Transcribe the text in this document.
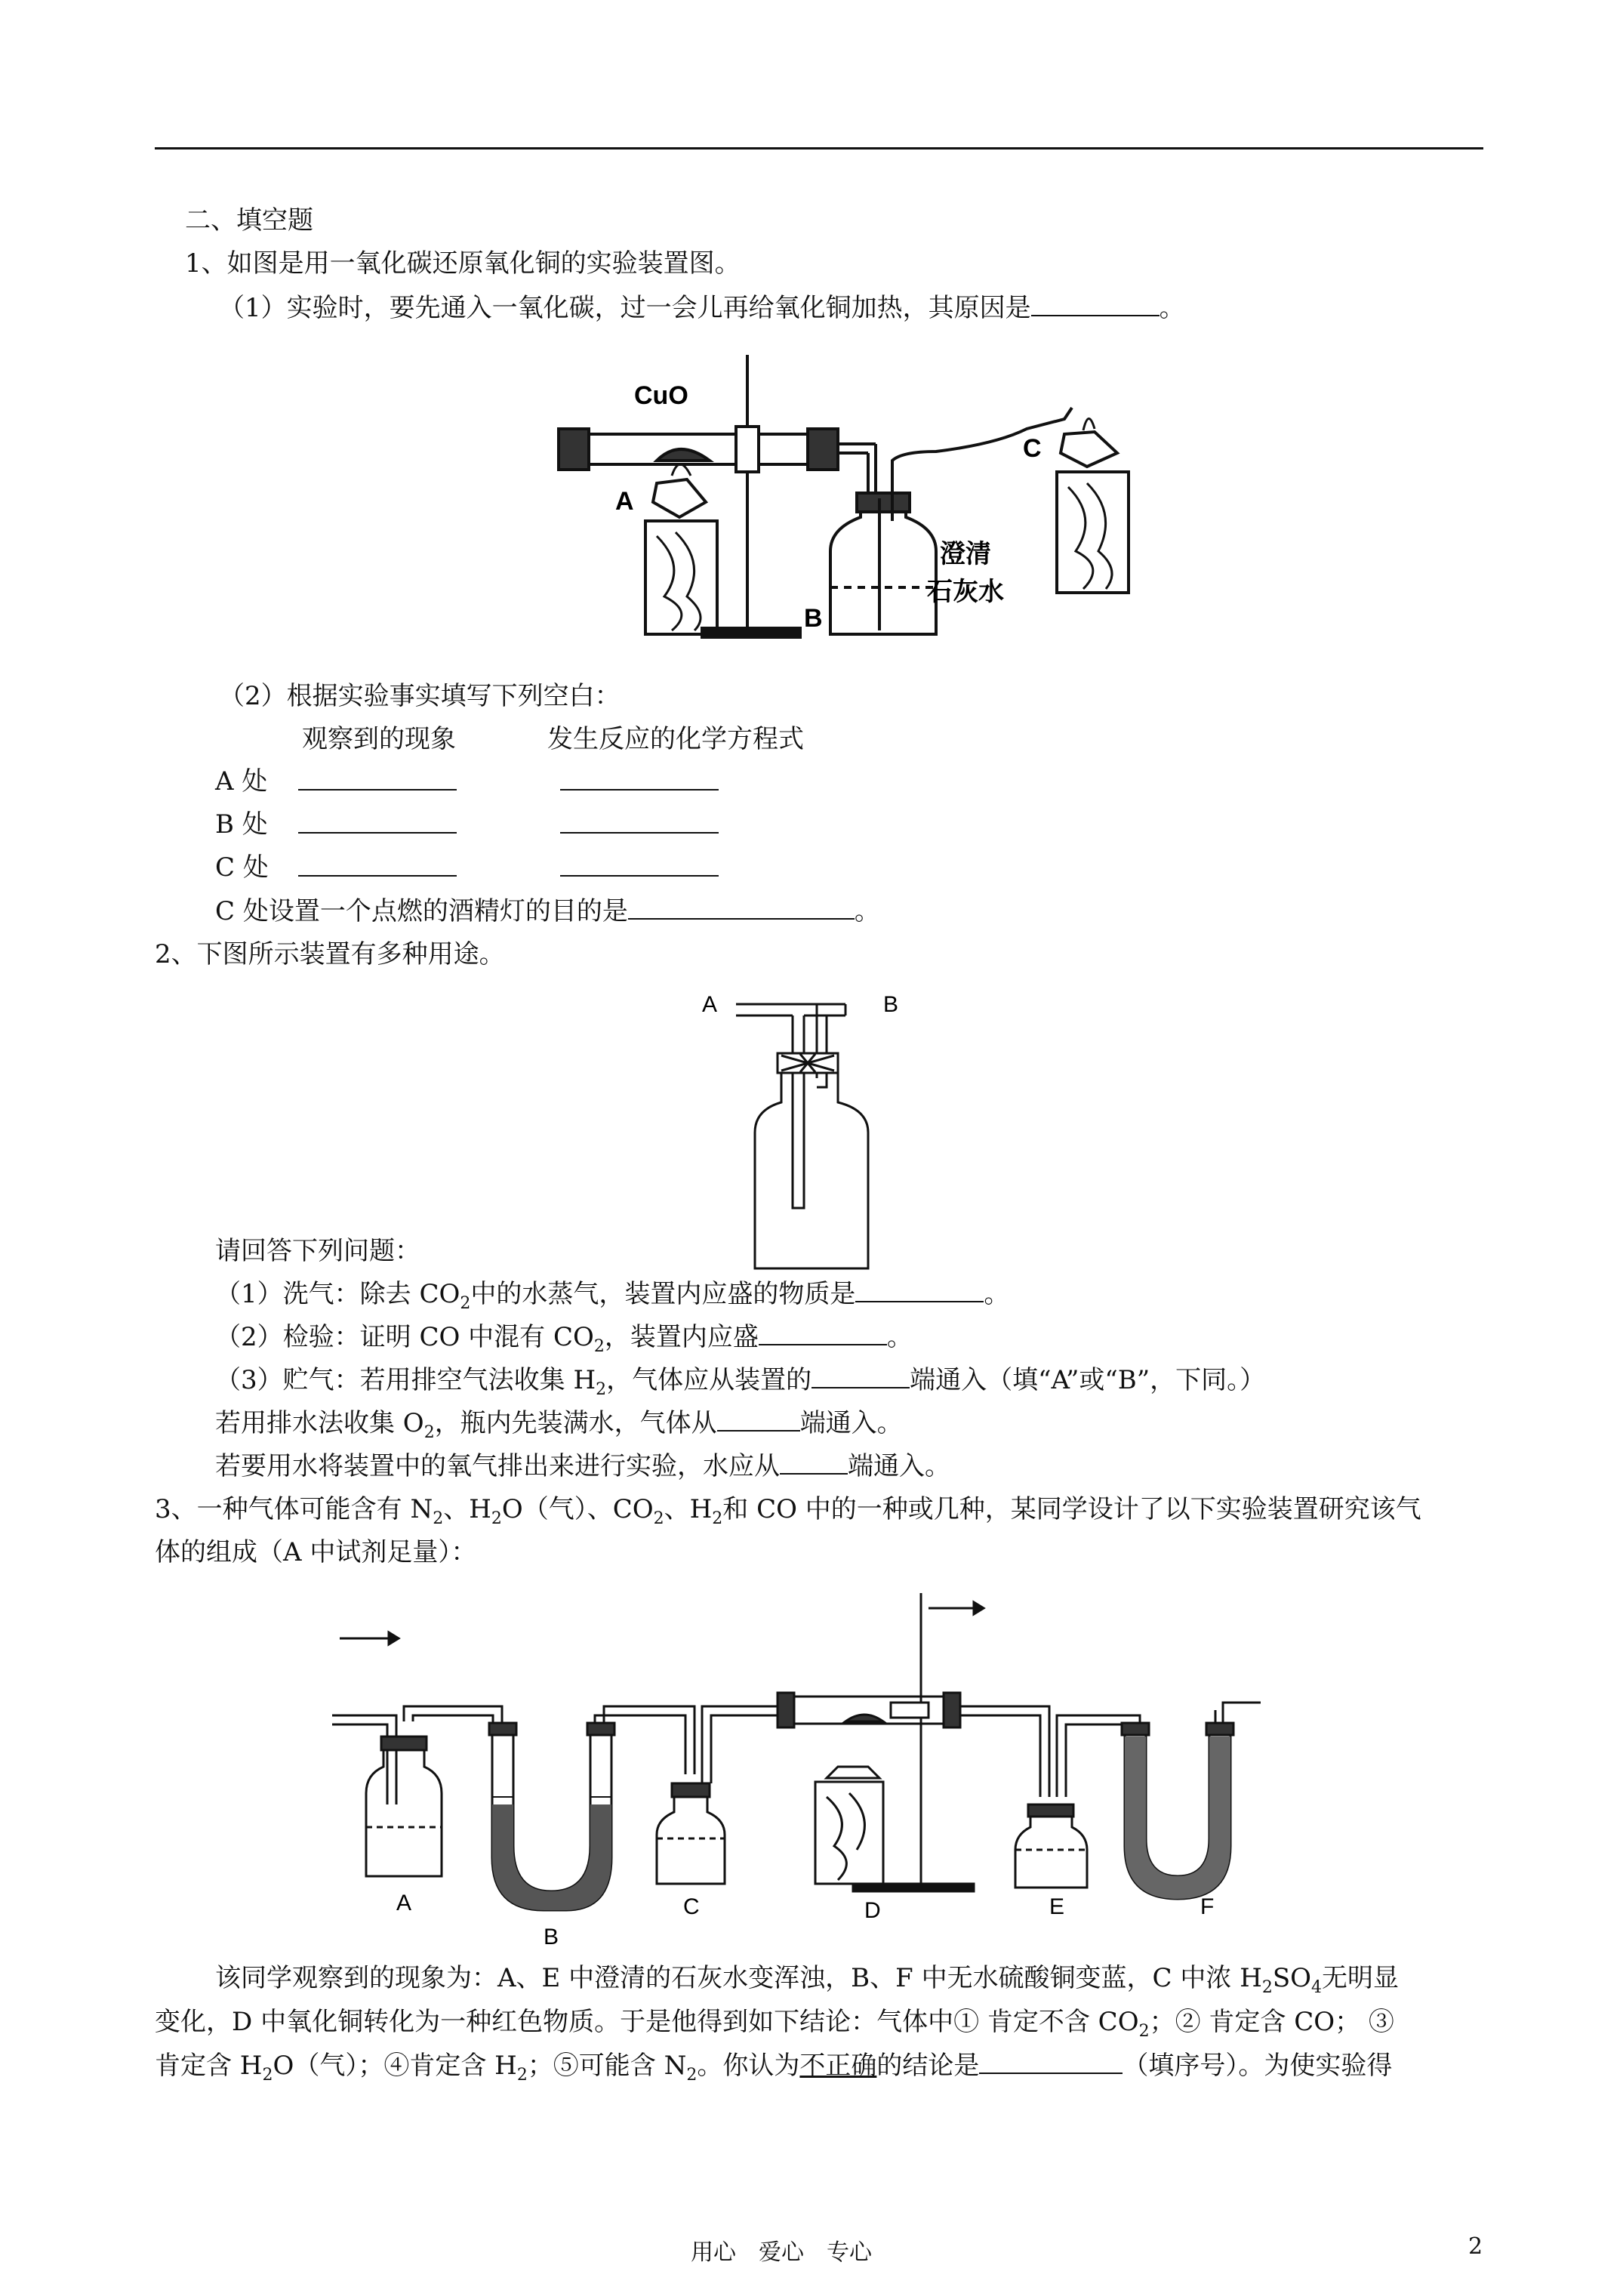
二、填空题
1、如图是用一氧化碳还原氧化铜的实验装置图。
（1）实验时，要先通入一氧化碳，过一会儿再给氧化铜加热，其原因是	。
CuO
A
B
C
澄清
石灰水
（2）根据实验事实填写下列空白：
观察到的现象	发生反应的化学方程式
A 处
B 处
C 处
C 处设置一个点燃的酒精灯的目的是	。
2、下图所示装置有多种用途。
A	B
请回答下列问题：
（1）洗气：除去 $CO_2$中的水蒸气，装置内应盛的物质是	。
（2）检验：证明 CO 中混有 $CO_2$，装置内应盛	。
（3）贮气：若用排空气法收集 $H_2$，气体应从装置的	端通入（填“A”或“B”，下同。）
若用排水法收集 $O_2$，瓶内先装满水，气体从	端通入。
若要用水将装置中的氧气排出来进行实验，水应从	端通入。
3、一种气体可能含有 $N_2$、$H_2O$（气）、$CO_2$、$H_2$和 CO 中的一种或几种，某同学设计了以下实验装置研究该气
体的组成（A 中试剂足量）：
A
B
C	D	E	F
该同学观察到的现象为：A、E 中澄清的石灰水变浑浊，B、F 中无水硫酸铜变蓝，C 中浓 $H_2SO_4$无明显
变化，D 中氧化铜转化为一种红色物质。于是他得到如下结论：气体中① 肯定不含 $CO_2$；② 肯定含 CO； ③
肯定含 $H_2O$（气）；④肯定含 $H_2$；⑤可能含 $N_2$。你认为不正确的结论是	（填序号）。为使实验得
用心　爱心　专心	2
